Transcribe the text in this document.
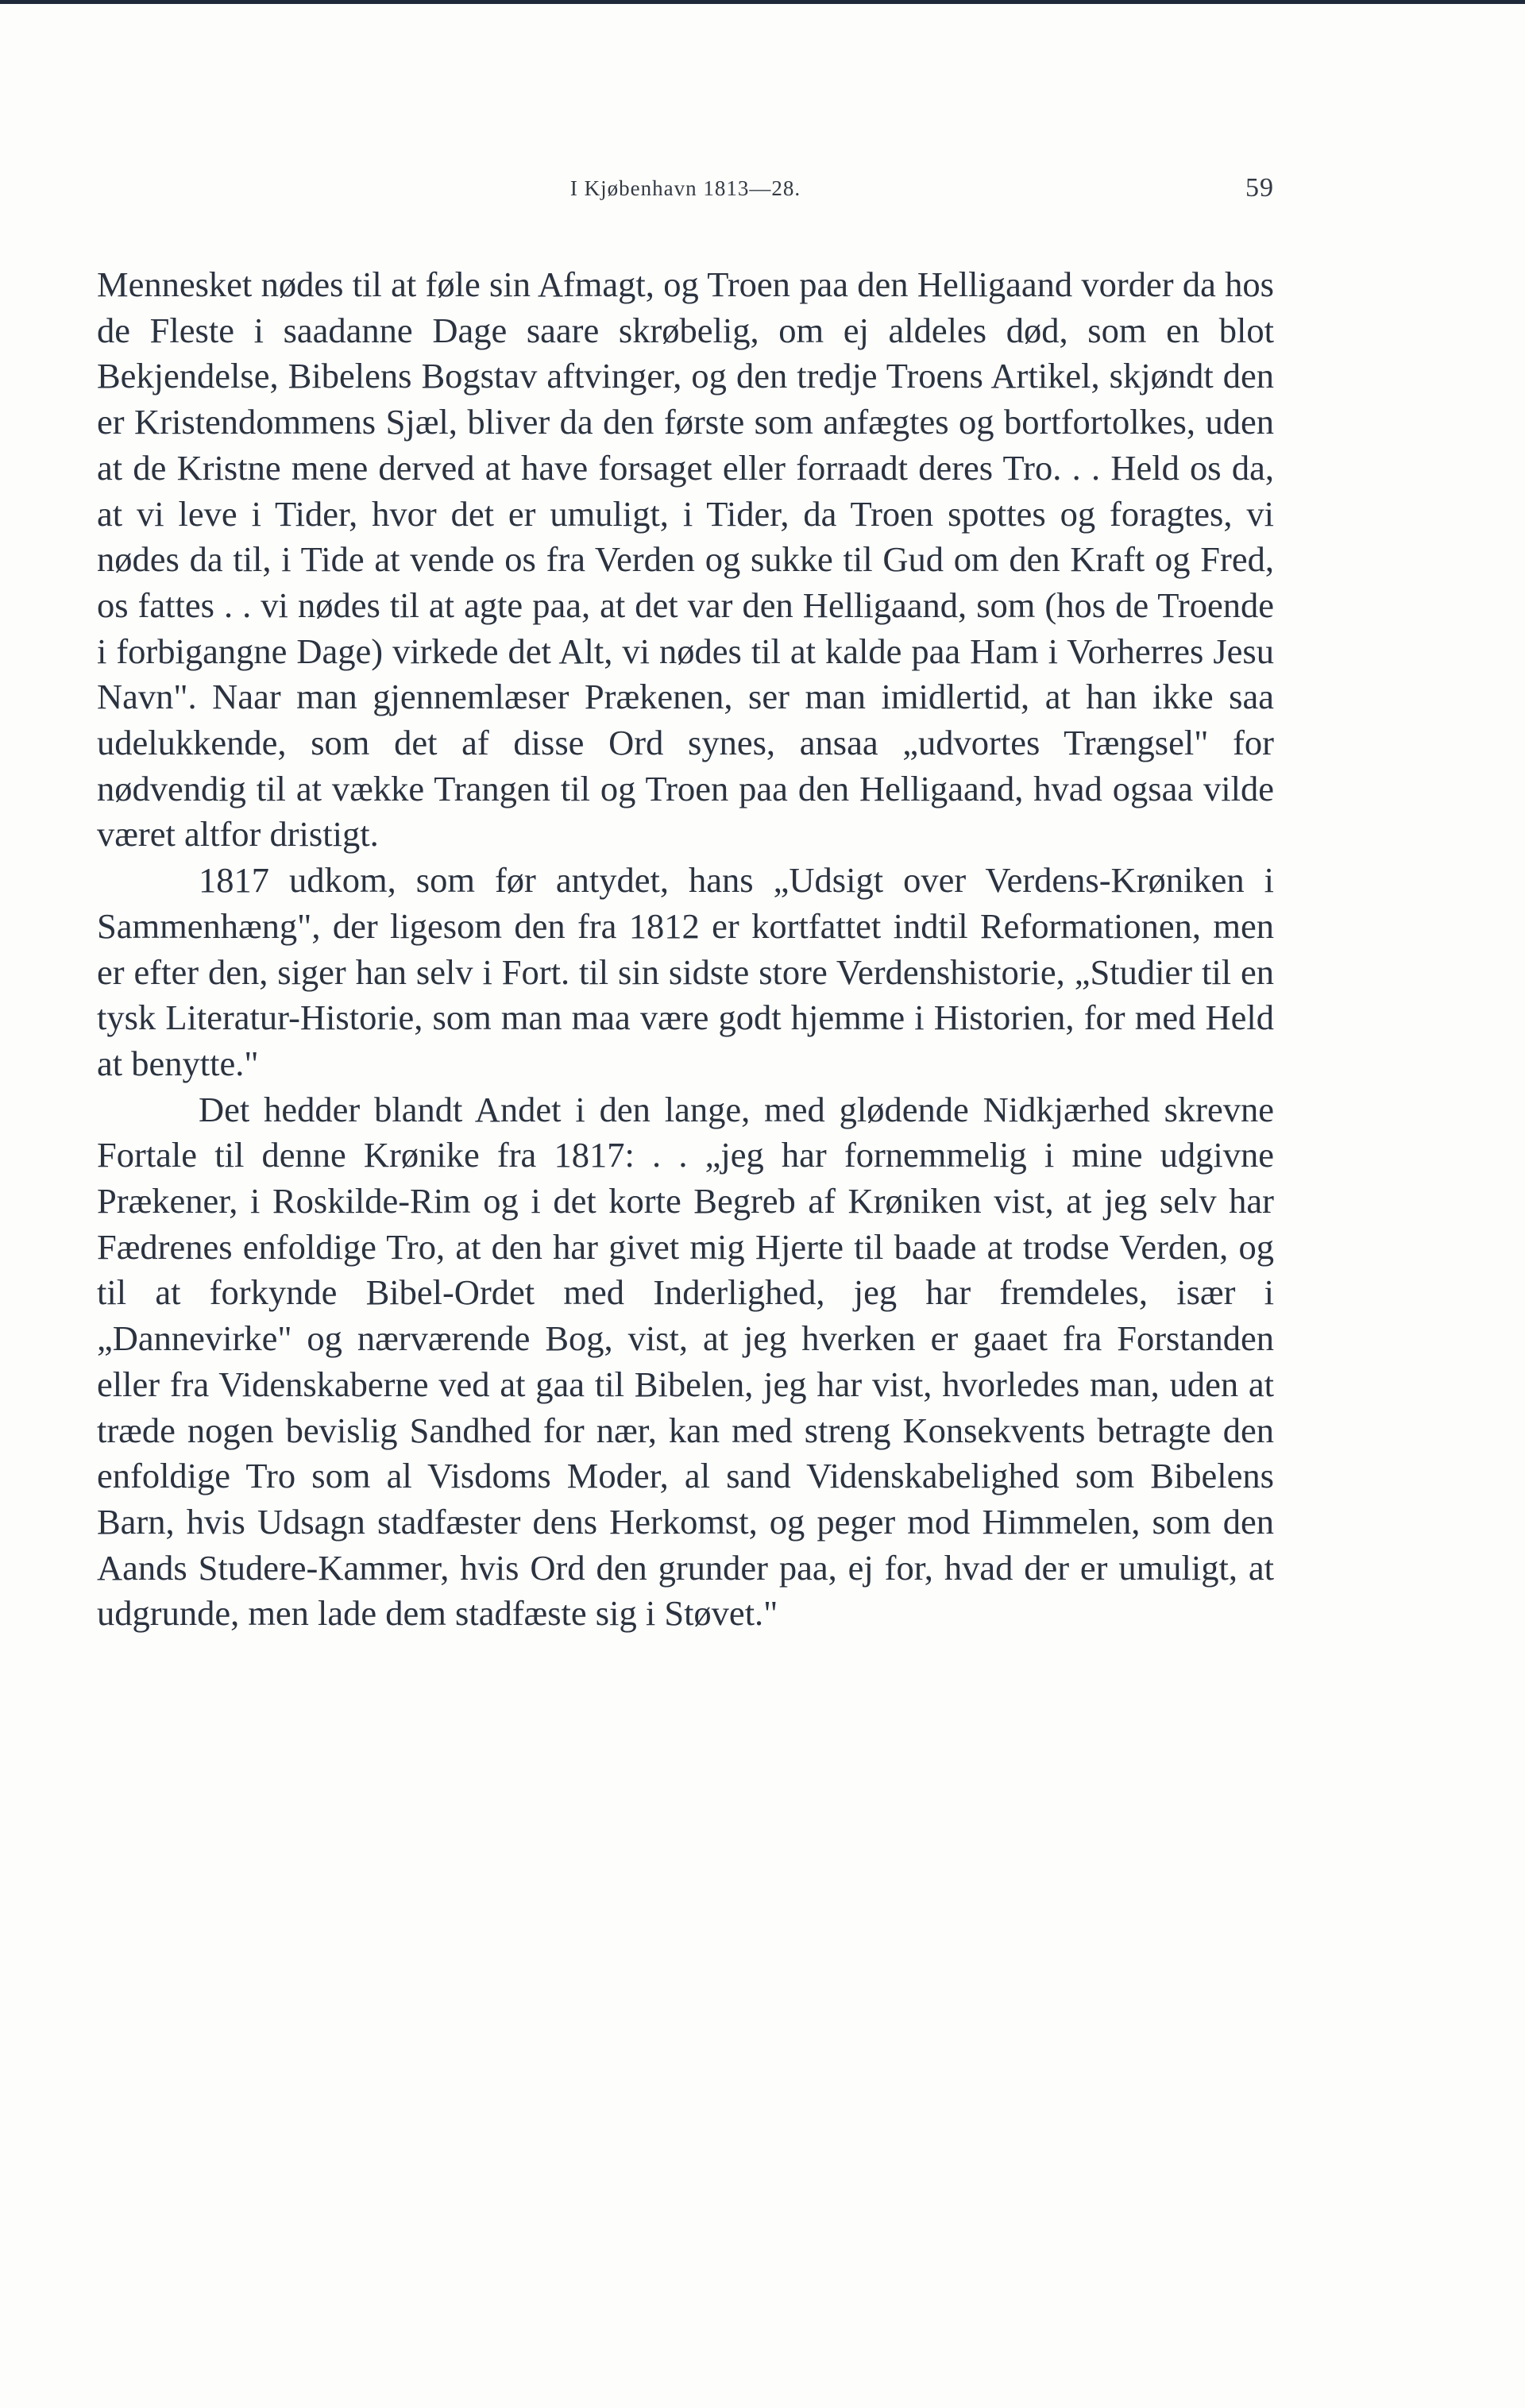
I Kjøbenhavn 1813—28.	59

Mennesket nødes til at føle sin Afmagt, og Troen paa den Helligaand vorder da hos de Fleste i saadanne Dage saare skrøbelig, om ej aldeles død, som en blot Bekjendelse, Bibelens Bogstav aftvinger, og den tredje Troens Artikel, skjøndt den er Kristendommens Sjæl, bliver da den første som anfægtes og bortfortolkes, uden at de Kristne mene derved at have forsaget eller forraadt deres Tro. . . Held os da, at vi leve i Tider, hvor det er umuligt, i Tider, da Troen spottes og foragtes, vi nødes da til, i Tide at vende os fra Verden og sukke til Gud om den Kraft og Fred, os fattes . . vi nødes til at agte paa, at det var den Helligaand, som (hos de Troende i forbigangne Dage) virkede det Alt, vi nødes til at kalde paa Ham i Vorherres Jesu Navn". Naar man gjennemlæser Prækenen, ser man imidlertid, at han ikke saa udelukkende, som det af disse Ord synes, ansaa „udvortes Trængsel" for nødvendig til at vække Trangen til og Troen paa den Helligaand, hvad ogsaa vilde været altfor dristigt.

1817 udkom, som før antydet, hans „Udsigt over Verdens-Krøniken i Sammenhæng", der ligesom den fra 1812 er kortfattet indtil Reformationen, men er efter den, siger han selv i Fort. til sin sidste store Verdenshistorie, „Studier til en tysk Literatur-Historie, som man maa være godt hjemme i Historien, for med Held at benytte."

Det hedder blandt Andet i den lange, med glødende Nidkjærhed skrevne Fortale til denne Krønike fra 1817: . . „jeg har fornemmelig i mine udgivne Prækener, i Roskilde-Rim og i det korte Begreb af Krøniken vist, at jeg selv har Fædrenes enfoldige Tro, at den har givet mig Hjerte til baade at trodse Verden, og til at forkynde Bibel-Ordet med Inderlighed, jeg har fremdeles, især i „Dannevirke" og nærværende Bog, vist, at jeg hverken er gaaet fra Forstanden eller fra Videnskaberne ved at gaa til Bibelen, jeg har vist, hvorledes man, uden at træde nogen bevislig Sandhed for nær, kan med streng Konsekvents betragte den enfoldige Tro som al Visdoms Moder, al sand Videnskabelighed som Bibelens Barn, hvis Udsagn stadfæster dens Herkomst, og peger mod Himmelen, som den Aands Studere-Kammer, hvis Ord den grunder paa, ej for, hvad der er umuligt, at udgrunde, men lade dem stadfæste sig i Støvet."
